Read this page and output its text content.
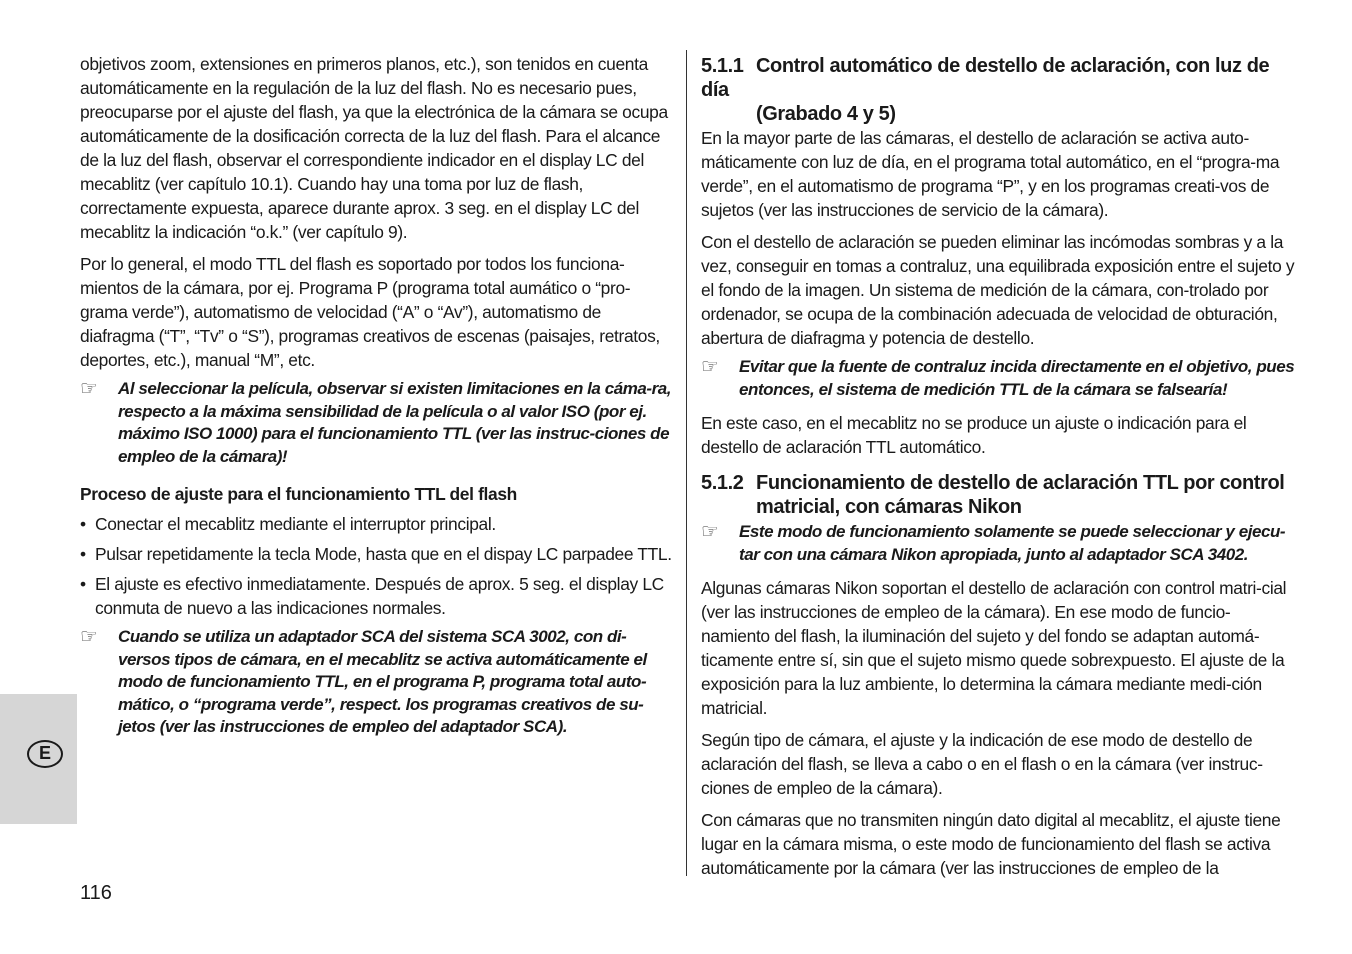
objetivos zoom, extensiones en primeros planos, etc.), son tenidos en cuenta automáticamente en la regulación de la luz del flash. No es necesario pues, preocuparse por el ajuste del flash, ya que la electrónica de la cámara se ocupa automáticamente de la dosificación correcta de la luz del flash. Para el alcance de la luz del flash, observar el correspondiente indicador en el display LC del mecablitz (ver capítulo 10.1). Cuando hay una toma por luz de flash, correctamente expuesta, aparece durante aprox. 3 seg. en el display LC del mecablitz la indicación “o.k.” (ver capítulo 9).

Por lo general, el modo TTL del flash es soportado por todos los funciona-mientos de la cámara, por ej. Programa P (programa total aumático o “pro-grama verde”), automatismo de velocidad (“A” o “Av”), automatismo de diafragma (“T”, “Tv” o “S”), programas creativos de escenas (paisajes, retratos, deportes, etc.), manual “M”, etc.

☞	Al seleccionar la película, observar si existen limitaciones en la cáma-ra, respecto a la máxima sensibilidad de la película o al valor ISO (por ej. máximo ISO 1000) para el funcionamiento TTL (ver las instruc-ciones de empleo de la cámara)!
Proceso de ajuste para el funcionamiento TTL del flash
• Conectar el mecablitz mediante el interruptor principal.

• Pulsar repetidamente la tecla Mode, hasta que en el dispay LC parpadee TTL.

• El ajuste es efectivo inmediatamente. Después de aprox. 5 seg. el display LC conmuta de nuevo a las indicaciones normales.

☞	Cuando se utiliza un adaptador SCA del sistema SCA 3002, con di-versos tipos de cámara, en el mecablitz se activa automáticamente el modo de funcionamiento TTL, en el programa P, programa total auto-mático, o “programa verde”, respect. los programas creativos de su-jetos (ver las instrucciones de empleo del adaptador SCA).
5.1.1 Control automático de destello de aclaración, con luz de día
(Grabado 4 y 5)

En la mayor parte de las cámaras, el destello de aclaración se activa auto-máticamente con luz de día, en el programa total automático, en el “progra-ma verde”, en el automatismo de programa “P”, y en los programas creati-vos de sujetos (ver las instrucciones de servicio de la cámara).

Con el destello de aclaración se pueden eliminar las incómodas sombras y a la vez, conseguir en tomas a contraluz, una equilibrada exposición entre el sujeto y el fondo de la imagen. Un sistema de medición de la cámara, con-trolado por ordenador, se ocupa de la combinación adecuada de velocidad de obturación, abertura de diafragma y potencia de destello.

☞	Evitar que la fuente de contraluz incida directamente en el objetivo, pues entonces, el sistema de medición TTL de la cámara se falsearía!

En este caso, en el mecablitz no se produce un ajuste o indicación para el destello de aclaración TTL automático.

5.1.2 Funcionamiento de destello de aclaración TTL por control
matricial, con cámaras Nikon
☞	Este modo de funcionamiento solamente se puede seleccionar y ejecu-tar con una cámara Nikon apropiada, junto al adaptador SCA 3402.

Algunas cámaras Nikon soportan el destello de aclaración con control matri-cial (ver las instrucciones de empleo de la cámara). En ese modo de funcio-namiento del flash, la iluminación del sujeto y del fondo se adaptan automá-ticamente entre sí, sin que el sujeto mismo quede sobrexpuesto. El ajuste de la exposición para la luz ambiente, lo determina la cámara mediante medi-ción matricial.

Según tipo de cámara, el ajuste y la indicación de ese modo de destello de aclaración del flash, se lleva a cabo o en el flash o en la cámara (ver instruc-ciones de empleo de la cámara).

Con cámaras que no transmiten ningún dato digital al mecablitz, el ajuste tiene lugar en la cámara misma, o este modo de funcionamiento del flash se activa automáticamente por la cámara (ver las instrucciones de empleo de la

E
116
